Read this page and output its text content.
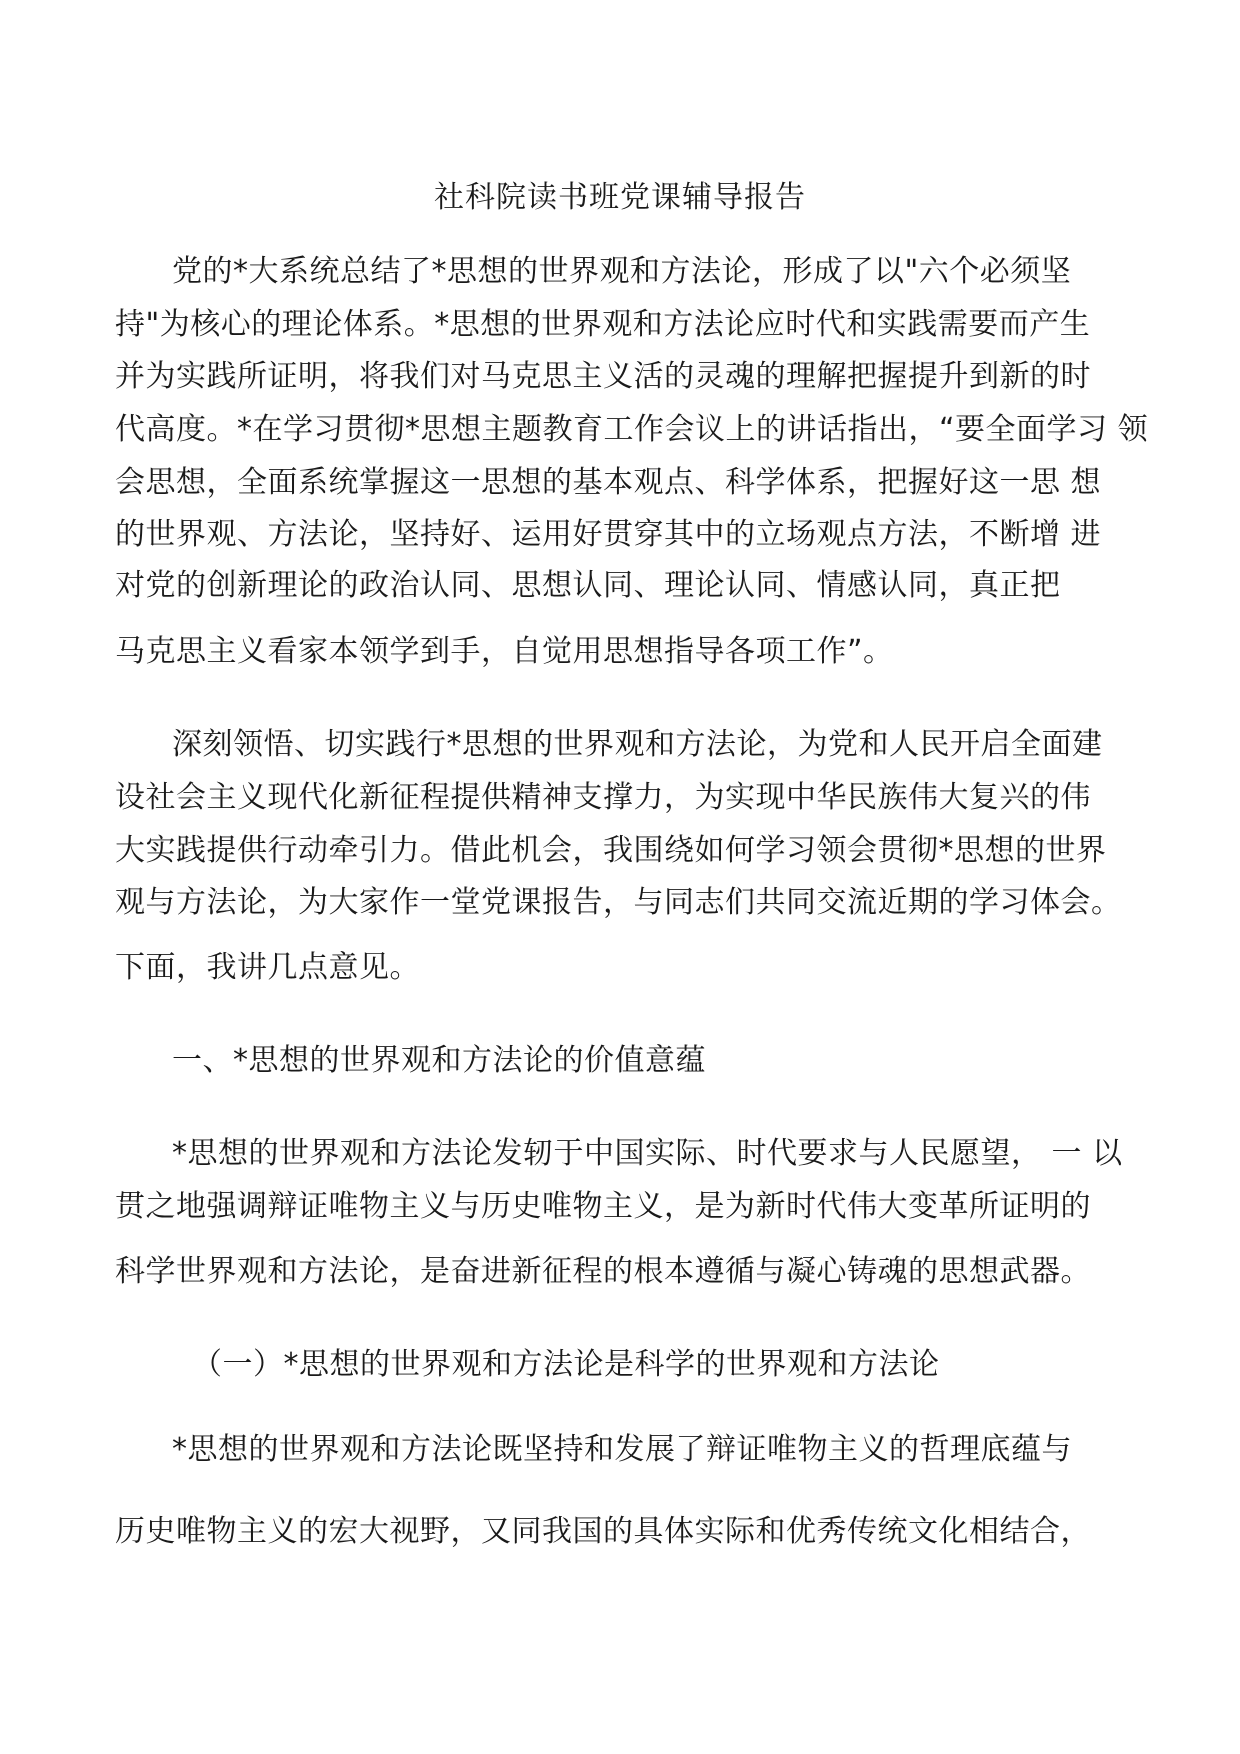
社科院读书班党课辅导报告
党的*大系统总结了*思想的世界观和方法论，形成了以"六个必须坚
持"为核心的理论体系。*思想的世界观和方法论应时代和实践需要而产生
并为实践所证明，将我们对马克思主义活的灵魂的理解把握提升到新的时
代高度。*在学习贯彻*思想主题教育工作会议上的讲话指出，“要全面学习 领
会思想，全面系统掌握这一思想的基本观点、科学体系，把握好这一思 想
的世界观、方法论，坚持好、运用好贯穿其中的立场观点方法，不断增 进
对党的创新理论的政治认同、思想认同、理论认同、情感认同，真正把
马克思主义看家本领学到手，自觉用思想指导各项工作”。
深刻领悟、切实践行*思想的世界观和方法论，为党和人民开启全面建
设社会主义现代化新征程提供精神支撑力，为实现中华民族伟大复兴的伟
大实践提供行动牵引力。借此机会，我围绕如何学习领会贯彻*思想的世界
观与方法论，为大家作一堂党课报告，与同志们共同交流近期的学习体会。
下面，我讲几点意见。
一、*思想的世界观和方法论的价值意蕴
*思想的世界观和方法论发轫于中国实际、时代要求与人民愿望， 一 以
贯之地强调辩证唯物主义与历史唯物主义，是为新时代伟大变革所证明的
科学世界观和方法论，是奋进新征程的根本遵循与凝心铸魂的思想武器。
（一）*思想的世界观和方法论是科学的世界观和方法论
*思想的世界观和方法论既坚持和发展了辩证唯物主义的哲理底蕴与
历史唯物主义的宏大视野，又同我国的具体实际和优秀传统文化相结合，
